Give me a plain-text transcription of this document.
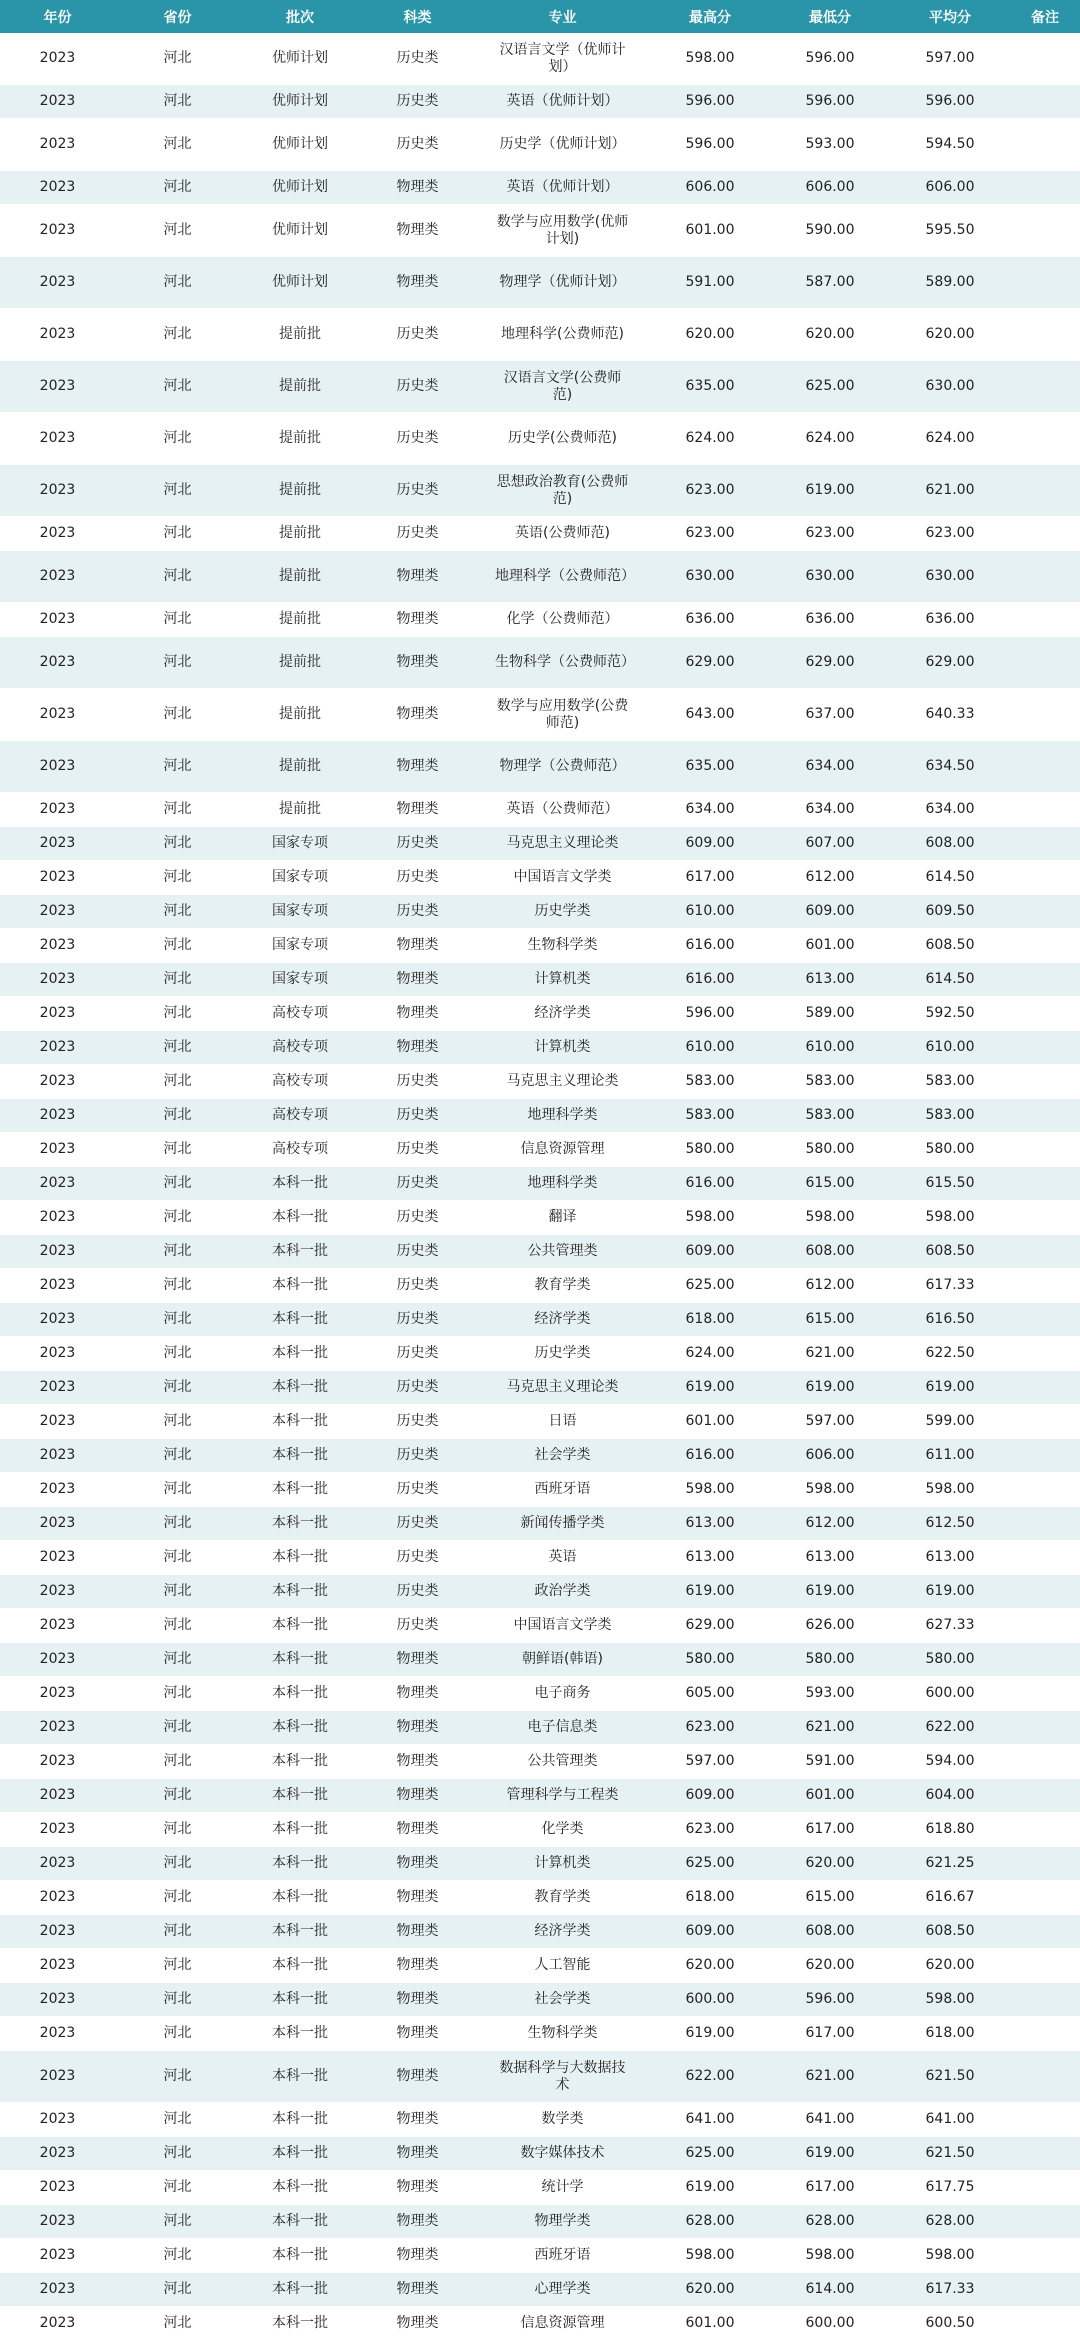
年份	省份	批次	科类	专业	最高分	最低分	平均分	备注
2023	河北	优师计划	历史类	汉语言文学（优师计划）	598.00	596.00	597.00	
2023	河北	优师计划	历史类	英语（优师计划）	596.00	596.00	596.00	
2023	河北	优师计划	历史类	历史学（优师计划）	596.00	593.00	594.50	
2023	河北	优师计划	物理类	英语（优师计划）	606.00	606.00	606.00	
2023	河北	优师计划	物理类	数学与应用数学(优师计划)	601.00	590.00	595.50	
2023	河北	优师计划	物理类	物理学（优师计划）	591.00	587.00	589.00	
2023	河北	提前批	历史类	地理科学(公费师范)	620.00	620.00	620.00	
2023	河北	提前批	历史类	汉语言文学(公费师范)	635.00	625.00	630.00	
2023	河北	提前批	历史类	历史学(公费师范)	624.00	624.00	624.00	
2023	河北	提前批	历史类	思想政治教育(公费师范)	623.00	619.00	621.00	
2023	河北	提前批	历史类	英语(公费师范)	623.00	623.00	623.00	
2023	河北	提前批	物理类	地理科学（公费师范）	630.00	630.00	630.00	
2023	河北	提前批	物理类	化学（公费师范）	636.00	636.00	636.00	
2023	河北	提前批	物理类	生物科学（公费师范）	629.00	629.00	629.00	
2023	河北	提前批	物理类	数学与应用数学(公费师范)	643.00	637.00	640.33	
2023	河北	提前批	物理类	物理学（公费师范）	635.00	634.00	634.50	
2023	河北	提前批	物理类	英语（公费师范）	634.00	634.00	634.00	
2023	河北	国家专项	历史类	马克思主义理论类	609.00	607.00	608.00	
2023	河北	国家专项	历史类	中国语言文学类	617.00	612.00	614.50	
2023	河北	国家专项	历史类	历史学类	610.00	609.00	609.50	
2023	河北	国家专项	物理类	生物科学类	616.00	601.00	608.50	
2023	河北	国家专项	物理类	计算机类	616.00	613.00	614.50	
2023	河北	高校专项	物理类	经济学类	596.00	589.00	592.50	
2023	河北	高校专项	物理类	计算机类	610.00	610.00	610.00	
2023	河北	高校专项	历史类	马克思主义理论类	583.00	583.00	583.00	
2023	河北	高校专项	历史类	地理科学类	583.00	583.00	583.00	
2023	河北	高校专项	历史类	信息资源管理	580.00	580.00	580.00	
2023	河北	本科一批	历史类	地理科学类	616.00	615.00	615.50	
2023	河北	本科一批	历史类	翻译	598.00	598.00	598.00	
2023	河北	本科一批	历史类	公共管理类	609.00	608.00	608.50	
2023	河北	本科一批	历史类	教育学类	625.00	612.00	617.33	
2023	河北	本科一批	历史类	经济学类	618.00	615.00	616.50	
2023	河北	本科一批	历史类	历史学类	624.00	621.00	622.50	
2023	河北	本科一批	历史类	马克思主义理论类	619.00	619.00	619.00	
2023	河北	本科一批	历史类	日语	601.00	597.00	599.00	
2023	河北	本科一批	历史类	社会学类	616.00	606.00	611.00	
2023	河北	本科一批	历史类	西班牙语	598.00	598.00	598.00	
2023	河北	本科一批	历史类	新闻传播学类	613.00	612.00	612.50	
2023	河北	本科一批	历史类	英语	613.00	613.00	613.00	
2023	河北	本科一批	历史类	政治学类	619.00	619.00	619.00	
2023	河北	本科一批	历史类	中国语言文学类	629.00	626.00	627.33	
2023	河北	本科一批	物理类	朝鲜语(韩语)	580.00	580.00	580.00	
2023	河北	本科一批	物理类	电子商务	605.00	593.00	600.00	
2023	河北	本科一批	物理类	电子信息类	623.00	621.00	622.00	
2023	河北	本科一批	物理类	公共管理类	597.00	591.00	594.00	
2023	河北	本科一批	物理类	管理科学与工程类	609.00	601.00	604.00	
2023	河北	本科一批	物理类	化学类	623.00	617.00	618.80	
2023	河北	本科一批	物理类	计算机类	625.00	620.00	621.25	
2023	河北	本科一批	物理类	教育学类	618.00	615.00	616.67	
2023	河北	本科一批	物理类	经济学类	609.00	608.00	608.50	
2023	河北	本科一批	物理类	人工智能	620.00	620.00	620.00	
2023	河北	本科一批	物理类	社会学类	600.00	596.00	598.00	
2023	河北	本科一批	物理类	生物科学类	619.00	617.00	618.00	
2023	河北	本科一批	物理类	数据科学与大数据技术	622.00	621.00	621.50	
2023	河北	本科一批	物理类	数学类	641.00	641.00	641.00	
2023	河北	本科一批	物理类	数字媒体技术	625.00	619.00	621.50	
2023	河北	本科一批	物理类	统计学	619.00	617.00	617.75	
2023	河北	本科一批	物理类	物理学类	628.00	628.00	628.00	
2023	河北	本科一批	物理类	西班牙语	598.00	598.00	598.00	
2023	河北	本科一批	物理类	心理学类	620.00	614.00	617.33	
2023	河北	本科一批	物理类	信息资源管理	601.00	600.00	600.50	
